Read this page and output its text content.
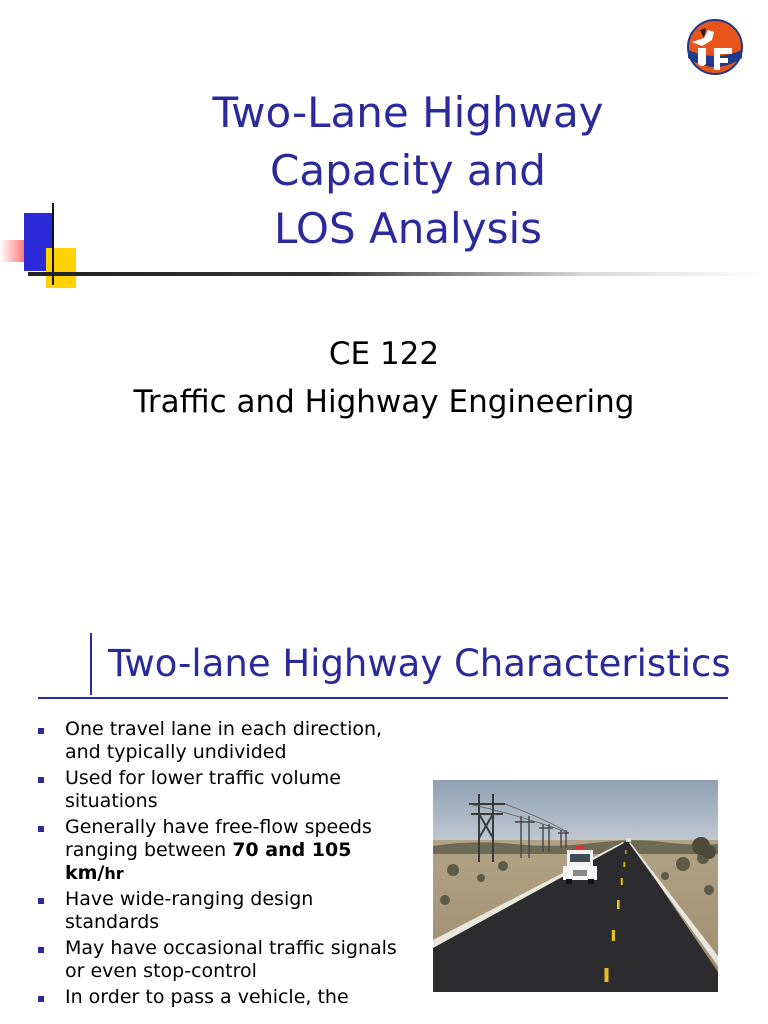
Two-Lane Highway
Capacity and
LOS Analysis
CE 122
Traffic and Highway Engineering
Two-lane Highway Characteristics
One travel lane in each direction,
and typically undivided
Used for lower traffic volume
situations
Generally have free-flow speeds
ranging between 70 and 105
km/hr
Have wide-ranging design
standards
May have occasional traffic signals
or even stop-control
In order to pass a vehicle, the
